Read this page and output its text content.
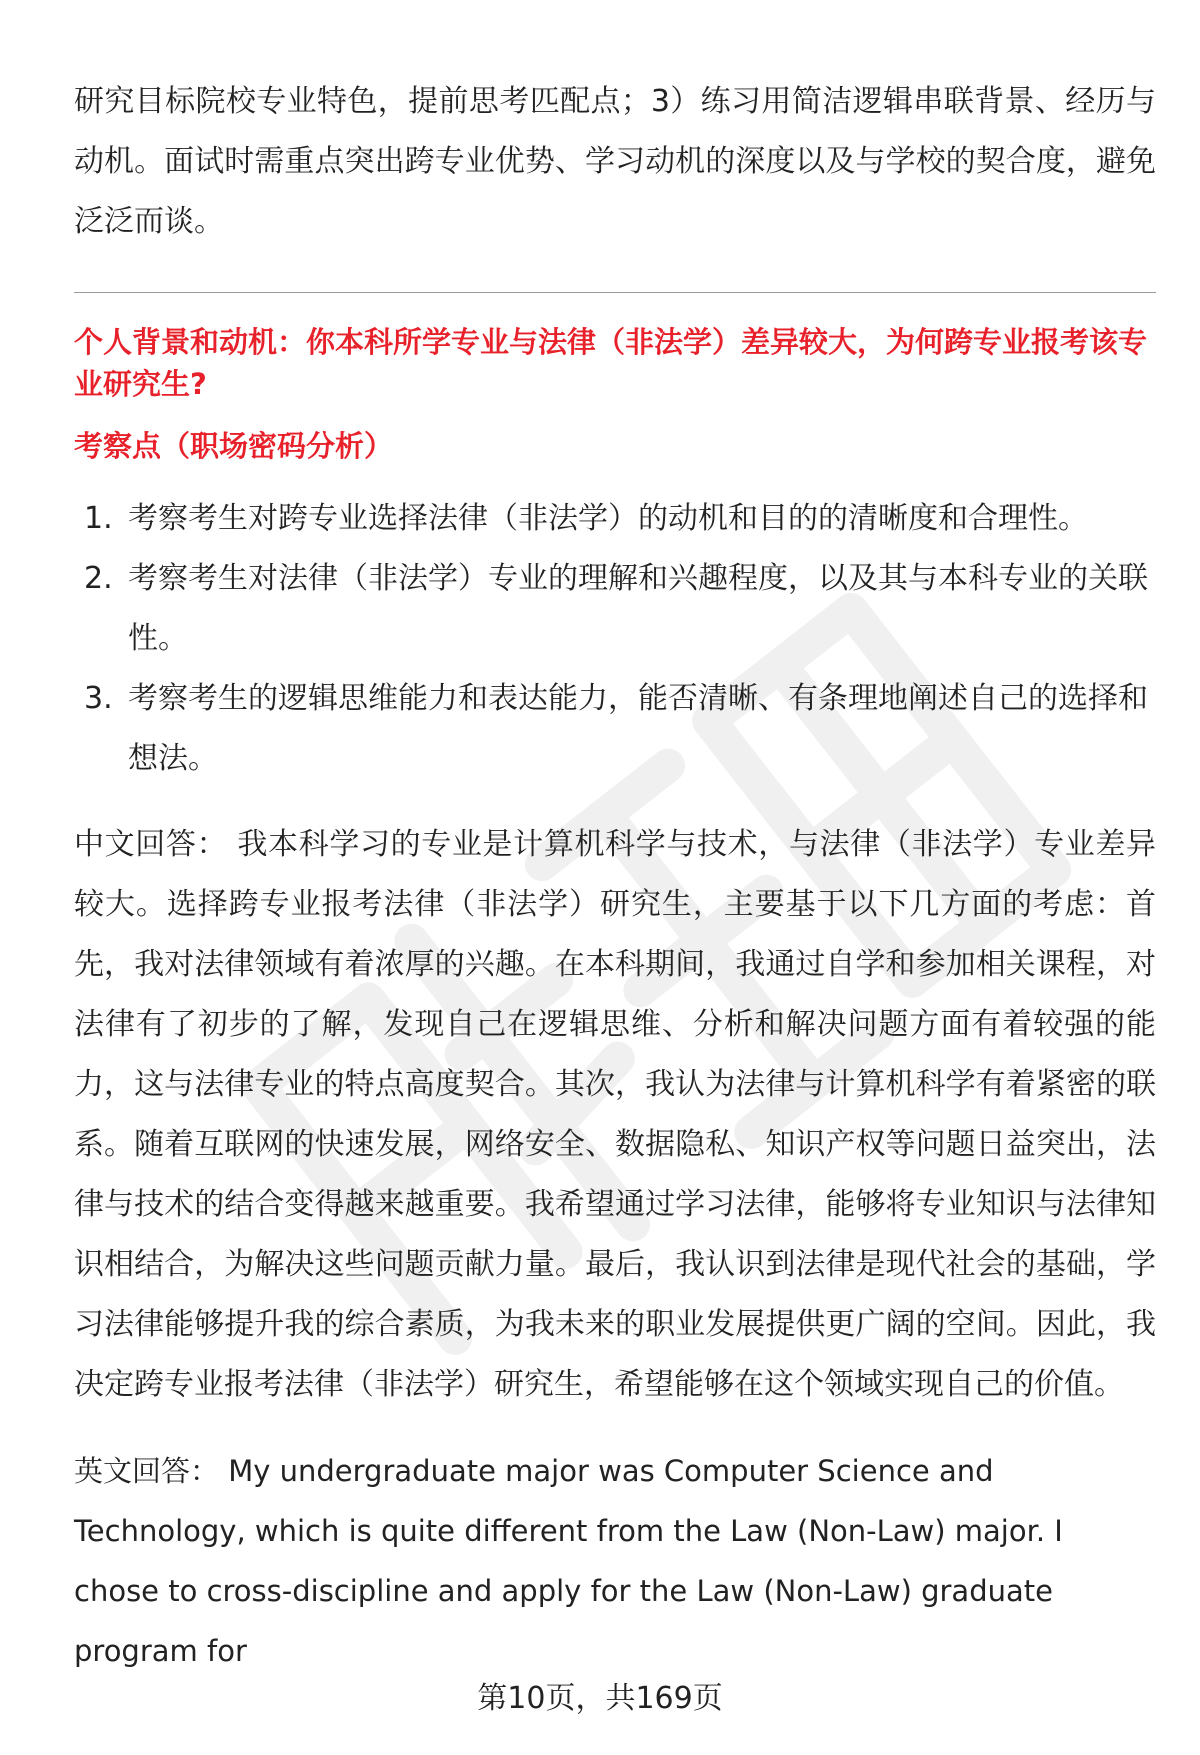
研究目标院校专业特色，提前思考匹配点；3）练习用简洁逻辑串联背景、经历与动机。面试时需重点突出跨专业优势、学习动机的深度以及与学校的契合度，避免泛泛而谈。

个人背景和动机：你本科所学专业与法律（非法学）差异较大，为何跨专业报考该专业研究生?

考察点（职场密码分析）

1. 考察考生对跨专业选择法律（非法学）的动机和目的的清晰度和合理性。
2. 考察考生对法律（非法学）专业的理解和兴趣程度，以及其与本科专业的关联性。
3. 考察考生的逻辑思维能力和表达能力，能否清晰、有条理地阐述自己的选择和想法。

中文回答： 我本科学习的专业是计算机科学与技术，与法律（非法学）专业差异较大。选择跨专业报考法律（非法学）研究生，主要基于以下几方面的考虑：首先，我对法律领域有着浓厚的兴趣。在本科期间，我通过自学和参加相关课程，对法律有了初步的了解，发现自己在逻辑思维、分析和解决问题方面有着较强的能力，这与法律专业的特点高度契合。其次，我认为法律与计算机科学有着紧密的联系。随着互联网的快速发展，网络安全、数据隐私、知识产权等问题日益突出，法律与技术的结合变得越来越重要。我希望通过学习法律，能够将专业知识与法律知识相结合，为解决这些问题贡献力量。最后，我认识到法律是现代社会的基础，学习法律能够提升我的综合素质，为我未来的职业发展提供更广阔的空间。因此，我决定跨专业报考法律（非法学）研究生，希望能够在这个领域实现自己的价值。

英文回答： My undergraduate major was Computer Science and Technology, which is quite different from the Law (Non-Law) major. I chose to cross-discipline and apply for the Law (Non-Law) graduate program for

第10页，共169页
